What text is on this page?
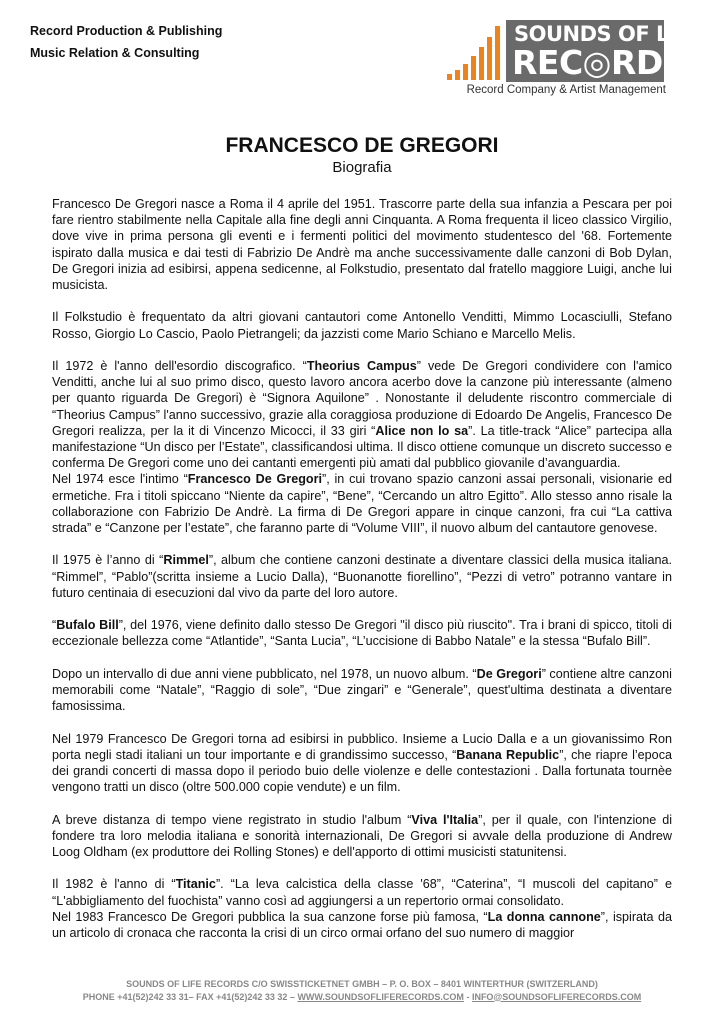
Record Production & Publishing
Music Relation & Consulting
SOUNDS OF LIFE
REC◎RDS
Record Company & Artist Management
FRANCESCO DE GREGORI
Biografia

Francesco De Gregori nasce a Roma il 4 aprile del 1951. Trascorre parte della sua infanzia a Pescara per poi fare rientro stabilmente nella Capitale alla fine degli anni Cinquanta. A Roma frequenta il liceo classico Virgilio, dove vive in prima persona gli eventi e i fermenti politici del movimento studentesco del '68. Fortemente ispirato dalla musica e dai testi di Fabrizio De Andrè ma anche successivamente dalle canzoni di Bob Dylan, De Gregori inizia ad esibirsi, appena sedicenne, al Folkstudio, presentato dal fratello maggiore Luigi, anche lui musicista.

Il Folkstudio è frequentato da altri giovani cantautori come Antonello Venditti, Mimmo Locasciulli, Stefano Rosso, Giorgio Lo Cascio, Paolo Pietrangeli; da jazzisti come Mario Schiano e Marcello Melis.

Il 1972 è l'anno dell'esordio discografico. “Theorius Campus” vede De Gregori condividere con l'amico Venditti, anche lui al suo primo disco, questo lavoro ancora acerbo dove la canzone più interessante (almeno per quanto riguarda De Gregori) è “Signora Aquilone” . Nonostante il deludente riscontro commerciale di “Theorius Campus” l'anno successivo, grazie alla coraggiosa produzione di Edoardo De Angelis, Francesco De Gregori realizza, per la it di Vincenzo Micocci, il 33 giri “Alice non lo sa”. La title-track “Alice” partecipa alla manifestazione “Un disco per l’Estate”, classificandosi ultima. Il disco ottiene comunque un discreto successo e conferma De Gregori come uno dei cantanti emergenti più amati dal pubblico giovanile d’avanguardia.

Nel 1974 esce l'intimo “Francesco De Gregori”, in cui trovano spazio canzoni assai personali, visionarie ed ermetiche. Fra i titoli spiccano “Niente da capire”, “Bene”, “Cercando un altro Egitto”. Allo stesso anno risale la collaborazione con Fabrizio De Andrè. La firma di De Gregori appare in cinque canzoni, fra cui “La cattiva strada” e “Canzone per l’estate”, che faranno parte di “Volume VIII”, il nuovo album del cantautore genovese.

Il 1975 è l’anno di “Rimmel”, album che contiene canzoni destinate a diventare classici della musica italiana. “Rimmel”, “Pablo”(scritta insieme a Lucio Dalla), “Buonanotte fiorellino”, “Pezzi di vetro” potranno vantare in futuro centinaia di esecuzioni dal vivo da parte del loro autore.

“Bufalo Bill”, del 1976, viene definito dallo stesso De Gregori "il disco più riuscito". Tra i brani di spicco, titoli di eccezionale bellezza come “Atlantide”, “Santa Lucia”, “L’uccisione di Babbo Natale” e la stessa “Bufalo Bill”.

Dopo un intervallo di due anni viene pubblicato, nel 1978, un nuovo album. “De Gregori” contiene altre canzoni memorabili come “Natale”, “Raggio di sole”, “Due zingari” e “Generale”, quest'ultima destinata a diventare famosissima.

Nel 1979 Francesco De Gregori torna ad esibirsi in pubblico. Insieme a Lucio Dalla e a un giovanissimo Ron porta negli stadi italiani un tour importante e di grandissimo successo, “Banana Republic”, che riapre l’epoca dei grandi concerti di massa dopo il periodo buio delle violenze e delle contestazioni . Dalla fortunata tournèe vengono tratti un disco (oltre 500.000 copie vendute) e un film.

A breve distanza di tempo viene registrato in studio l'album “Viva l'Italia”, per il quale, con l'intenzione di fondere tra loro melodia italiana e sonorità internazionali, De Gregori si avvale della produzione di Andrew Loog Oldham (ex produttore dei Rolling Stones) e dell'apporto di ottimi musicisti statunitensi.

Il 1982 è l'anno di “Titanic”. “La leva calcistica della classe '68”, “Caterina”, “I muscoli del capitano” e “L'abbigliamento del fuochista” vanno così ad aggiungersi a un repertorio ormai consolidato.

Nel 1983 Francesco De Gregori pubblica la sua canzone forse più famosa, “La donna cannone”, ispirata da un articolo di cronaca che racconta la crisi di un circo ormai orfano del suo numero di maggior

SOUNDS OF LIFE RECORDS C/O SWISSTICKETNET GMBH – P. O. BOX – 8401 WINTERTHUR (SWITZERLAND)
PHONE +41(52)242 33 31– FAX +41(52)242 33 32 – WWW.SOUNDSOFLIFERECORDS.COM - INFO@SOUNDSOFLIFERECORDS.COM
